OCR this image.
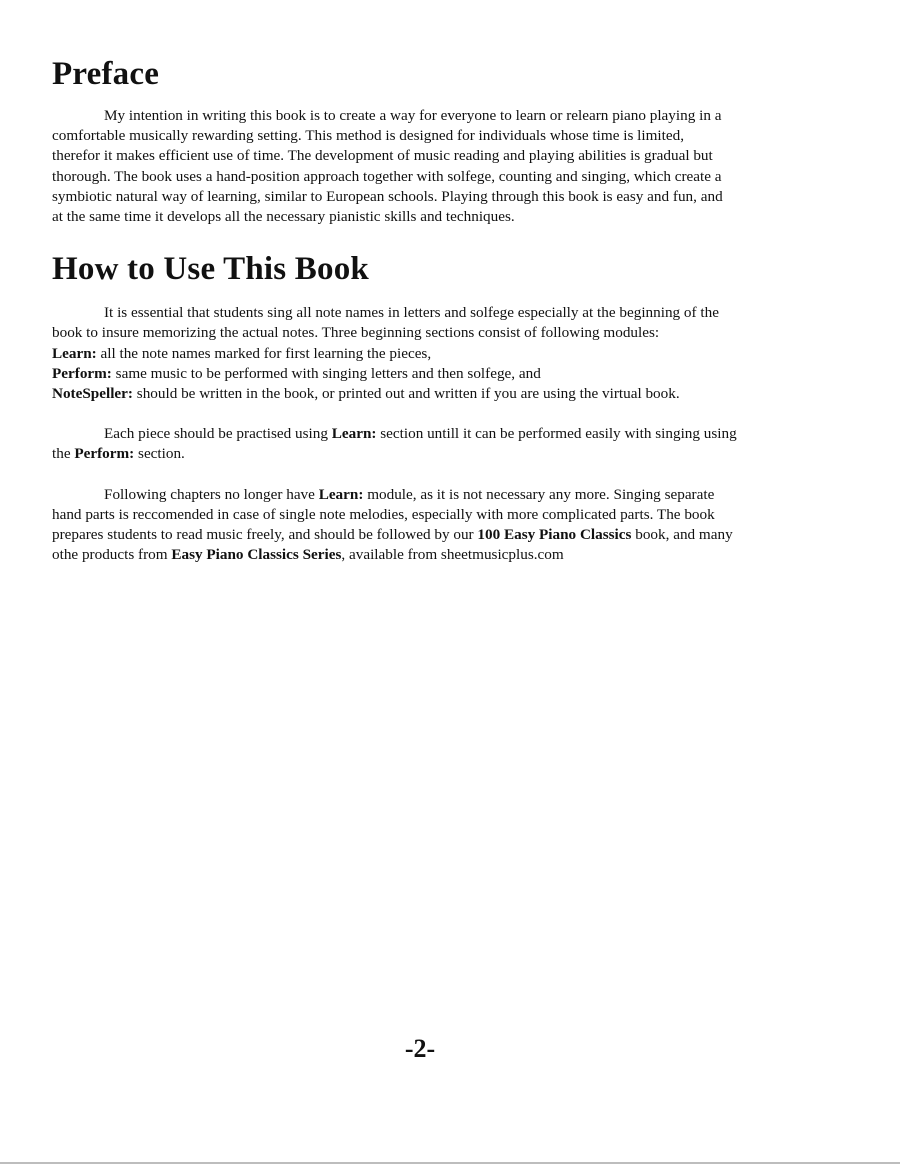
Preface

My intention in writing this book is to create a way for everyone to learn or relearn piano playing in a
comfortable musically rewarding setting. This method is designed for individuals whose time is limited,
therefor it makes efficient use of time. The development of music reading and playing abilities is gradual but
thorough. The book uses a hand-position approach together with solfege, counting and singing, which create a
symbiotic natural way of learning, similar to European schools. Playing through this book is easy and fun, and
at the same time it develops all the necessary pianistic skills and techniques.

How to Use This Book

It is essential that students sing all note names in letters and solfege especially at the beginning of the
book to insure memorizing the actual notes. Three beginning sections consist of following modules:
Learn: all the note names marked for first learning the pieces,
Perform: same music to be performed with singing letters and then solfege, and
NoteSpeller: should be written in the book, or printed out and written if you are using the virtual book.

Each piece should be practised using Learn: section untill it can be performed easily with singing using
the Perform: section.

Following chapters no longer have Learn: module, as it is not necessary any more. Singing separate
hand parts is reccomended in case of single note melodies, especially with more complicated parts. The book
prepares students to read music freely, and should be followed by our 100 Easy Piano Classics book, and many
othe products from Easy Piano Classics Series, available from sheetmusicplus.com

-2-
